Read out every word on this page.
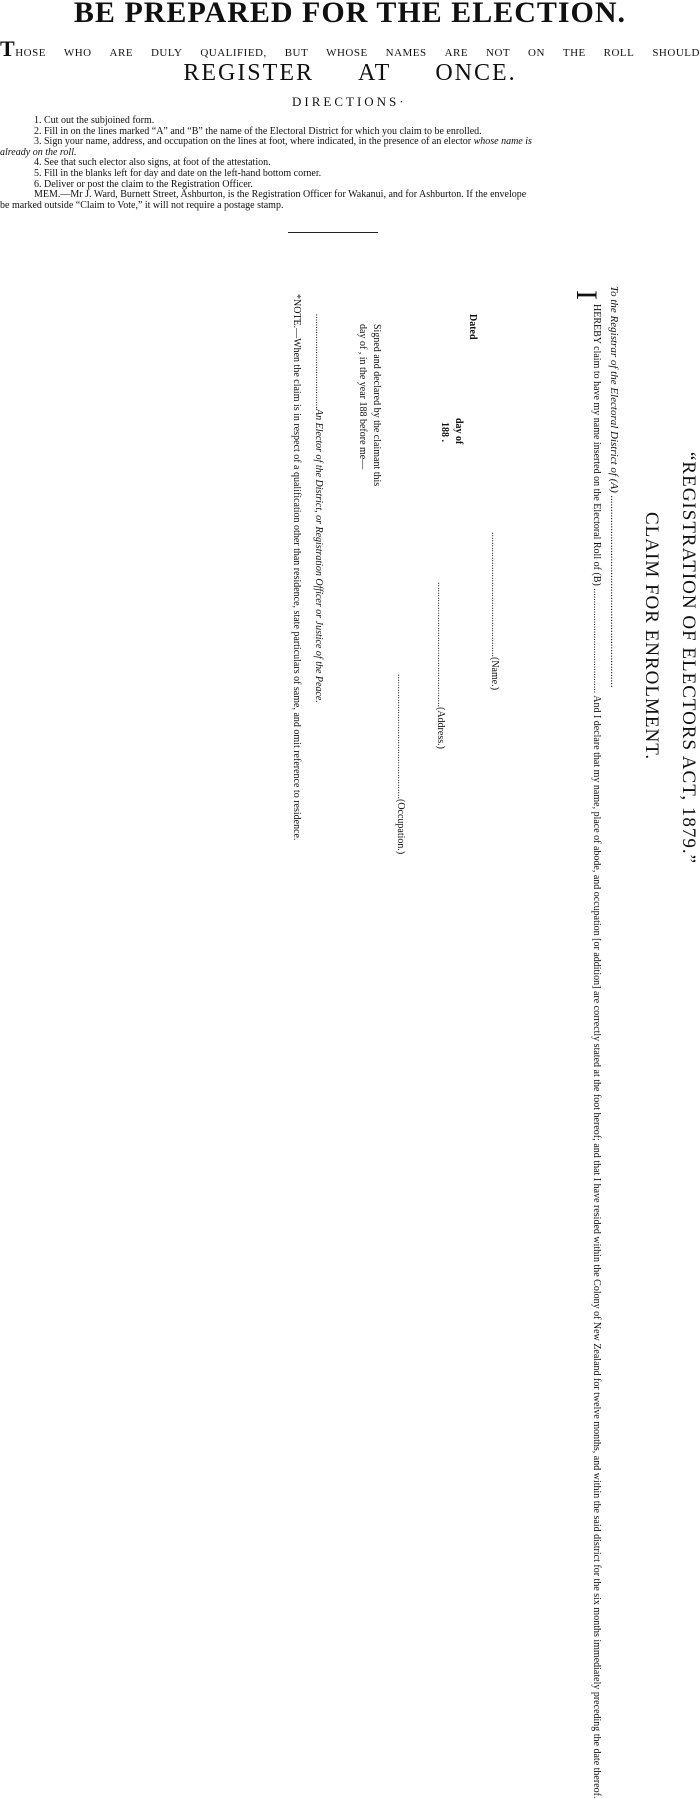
BE PREPARED FOR THE ELECTION.
THOSE WHO ARE DULY QUALIFIED, BUT WHOSE NAMES ARE NOT ON THE ROLL SHOULD
REGISTER AT ONCE.
DIRECTIONS·
1. Cut out the subjoined form.
2. Fill in on the lines marked “A” and “B” the name of the Electoral District for which you claim to be enrolled.
3. Sign your name, address, and occupation on the lines at foot, where indicated, in the presence of an elector whose name is
already on the roll.
4. See that such elector also signs, at foot of the attestation.
5. Fill in the blanks left for day and date on the left-hand bottom corner.
6. Deliver or post the claim to the Registration Officer.
MEM.—Mr J. Ward, Burnett Street, Ashburton, is the Registration Officer for Wakanui, and for Ashburton. If the envelope
be marked outside “Claim to Vote,” it will not require a postage stamp.
“REGISTRATION OF ELECTORS ACT, 1879.”
CLAIM FOR ENROLMENT.
To the Registrar of the Electoral District of (A) ......................................................................
I
HEREBY claim to have my name inserted on the Electoral Roll of (B) .......................................... And I declare that my name, place of abode, and occupation [or addition] are correctly stated at the foot hereof; and that I have resided within the Colony of New Zealand for twelve months, and within the said district for the six months immediately preceding the date thereof.
..................................................(Name.)
Dated
day of
188 .
..................................................(Address.)
..................................................(Occupation.)
Signed and declared by the claimant this
day of , in the year 188 before me—
......................................An Elector of the District, or Registration Officer or Justice of the Peace.
*NOTE.—When the claim is in respect of a qualification other than residence, state particulars of same, and omit reference to residence.
